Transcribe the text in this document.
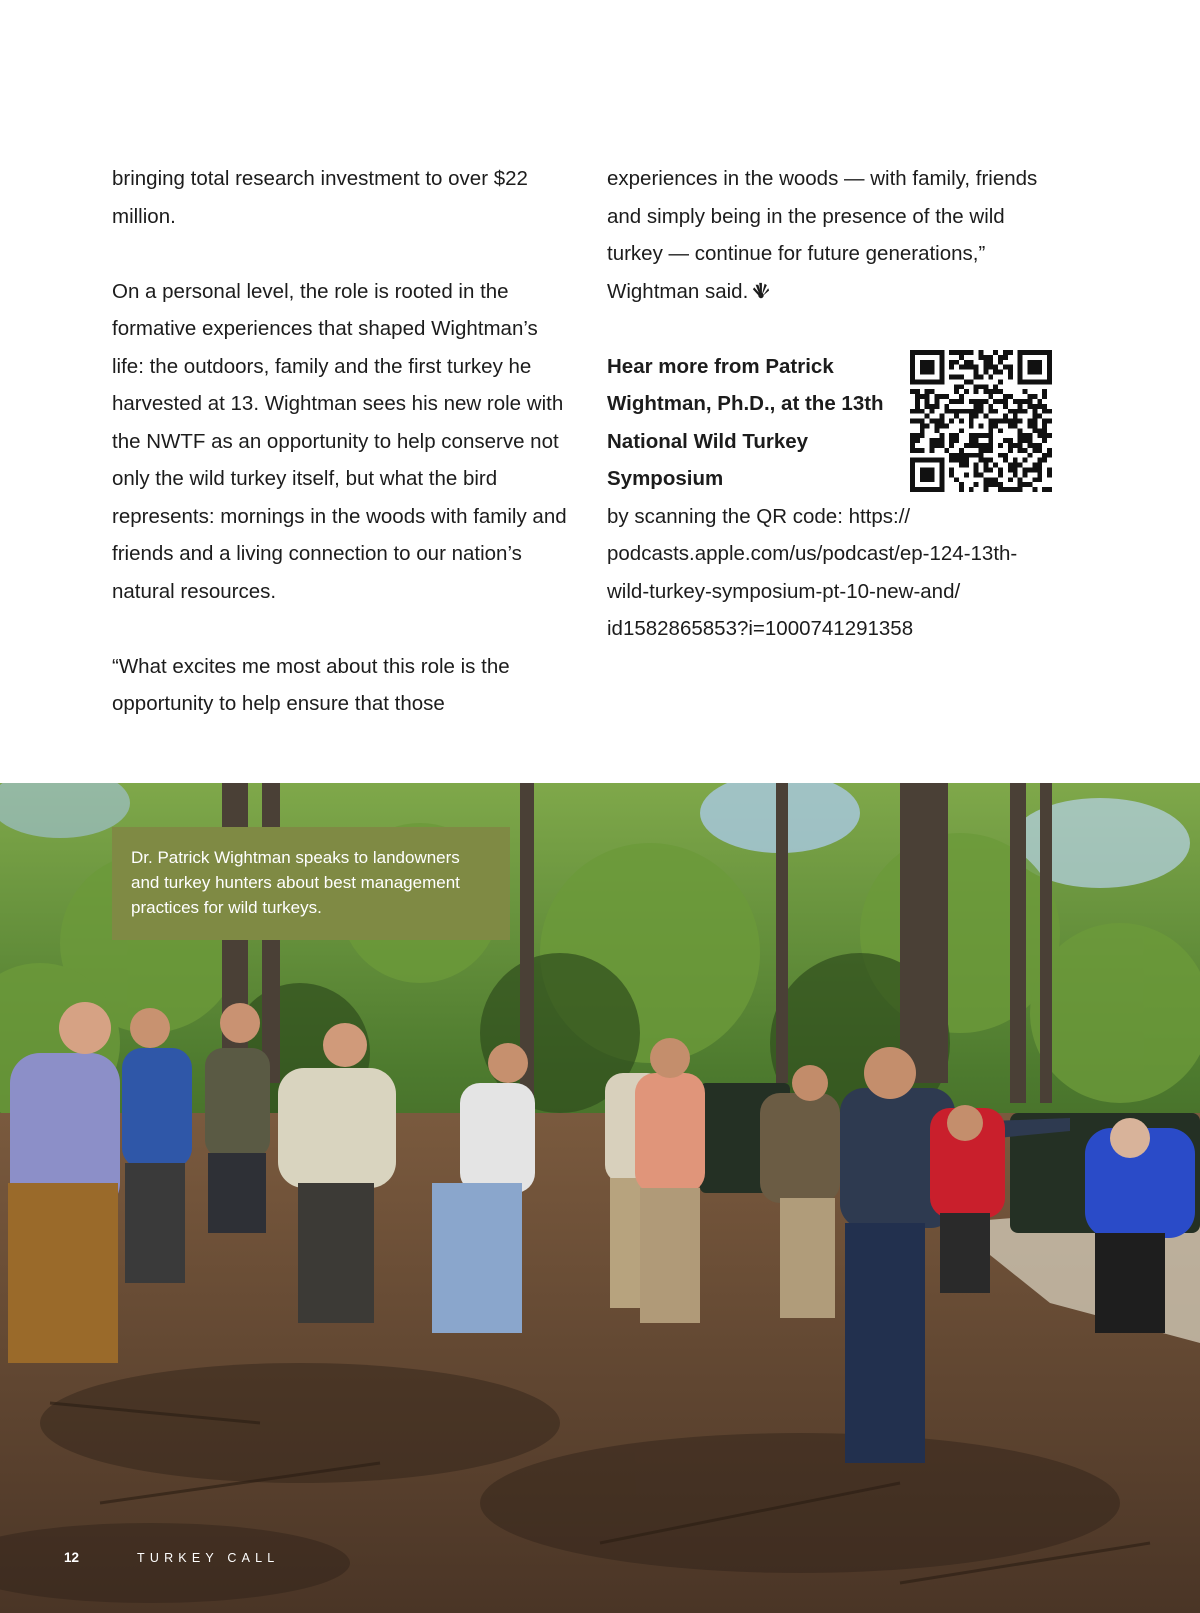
bringing total research investment to over $22 million.

On a personal level, the role is rooted in the formative experiences that shaped Wightman’s life: the outdoors, family and the first turkey he harvested at 13. Wightman sees his new role with the NWTF as an opportunity to help conserve not only the wild turkey itself, but what the bird represents: mornings in the woods with family and friends and a living connection to our nation’s natural resources.

“What excites me most about this role is the opportunity to help ensure that those

experiences in the woods — with family, friends and simply being in the presence of the wild turkey — continue for future generations,” Wightman said.

Hear more from Patrick Wightman, Ph.D., at the 13th National Wild Turkey Symposium

by scanning the QR code: https:// podcasts.apple.com/us/podcast/ep-124-13th-wild-turkey-symposium-pt-10-new-and/ id1582865853?i=1000741291358

Dr. Patrick Wightman speaks to landowners and turkey hunters about best management practices for wild turkeys.
12	TURKEY CALL
